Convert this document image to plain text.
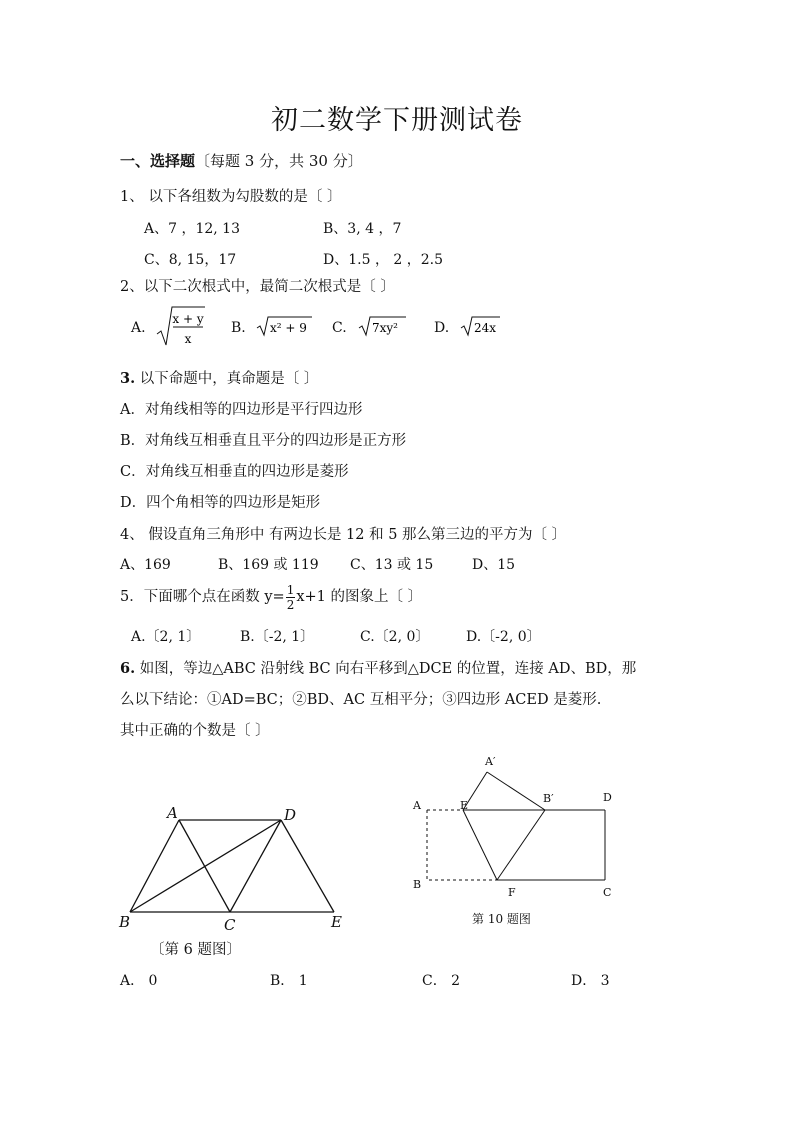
初二数学下册测试卷
一、选择题〔每题 3 分，共 30 分〕
1、 以下各组数为勾股数的是〔 〕
A、7 ，12, 13	B、3, 4 ，7
C、8, 15，17	D、1.5 ， 2 ，2.5
2、以下二次根式中，最简二次根式是〔 〕
A.
x + y
x
B. x² + 9 C. 7xy²	D. 24x
3. 以下命题中，真命题是〔 〕
A．对角线相等的四边形是平行四边形
B．对角线互相垂直且平分的四边形是正方形
C．对角线互相垂直的四边形是菱形
D．四个角相等的四边形是矩形
4、 假设直角三角形中 有两边长是 12 和 5 那么第三边的平方为〔 〕
A、169	B、169 或 119 C、13 或 15	D、15
5．下面哪个点在函数 $y= \frac{1}{2} x+1$ 的图象上〔 〕
A.〔2, 1〕	B.〔-2, 1〕	C.〔2, 0〕	D.〔-2, 0〕
6. 如图，等边△ABC 沿射线 BC 向右平移到△DCE 的位置，连接 AD、BD，那
么以下结论：①AD=BC；②BD、AC 互相平分；③四边形 ACED 是菱形.
其中正确的个数是〔 〕
A	D
B	C	E
〔第 6 题图〕
A′
A	E
B′	D
B
F	C
第 10 题图
A． 0	B． 1	C． 2	D． 3
